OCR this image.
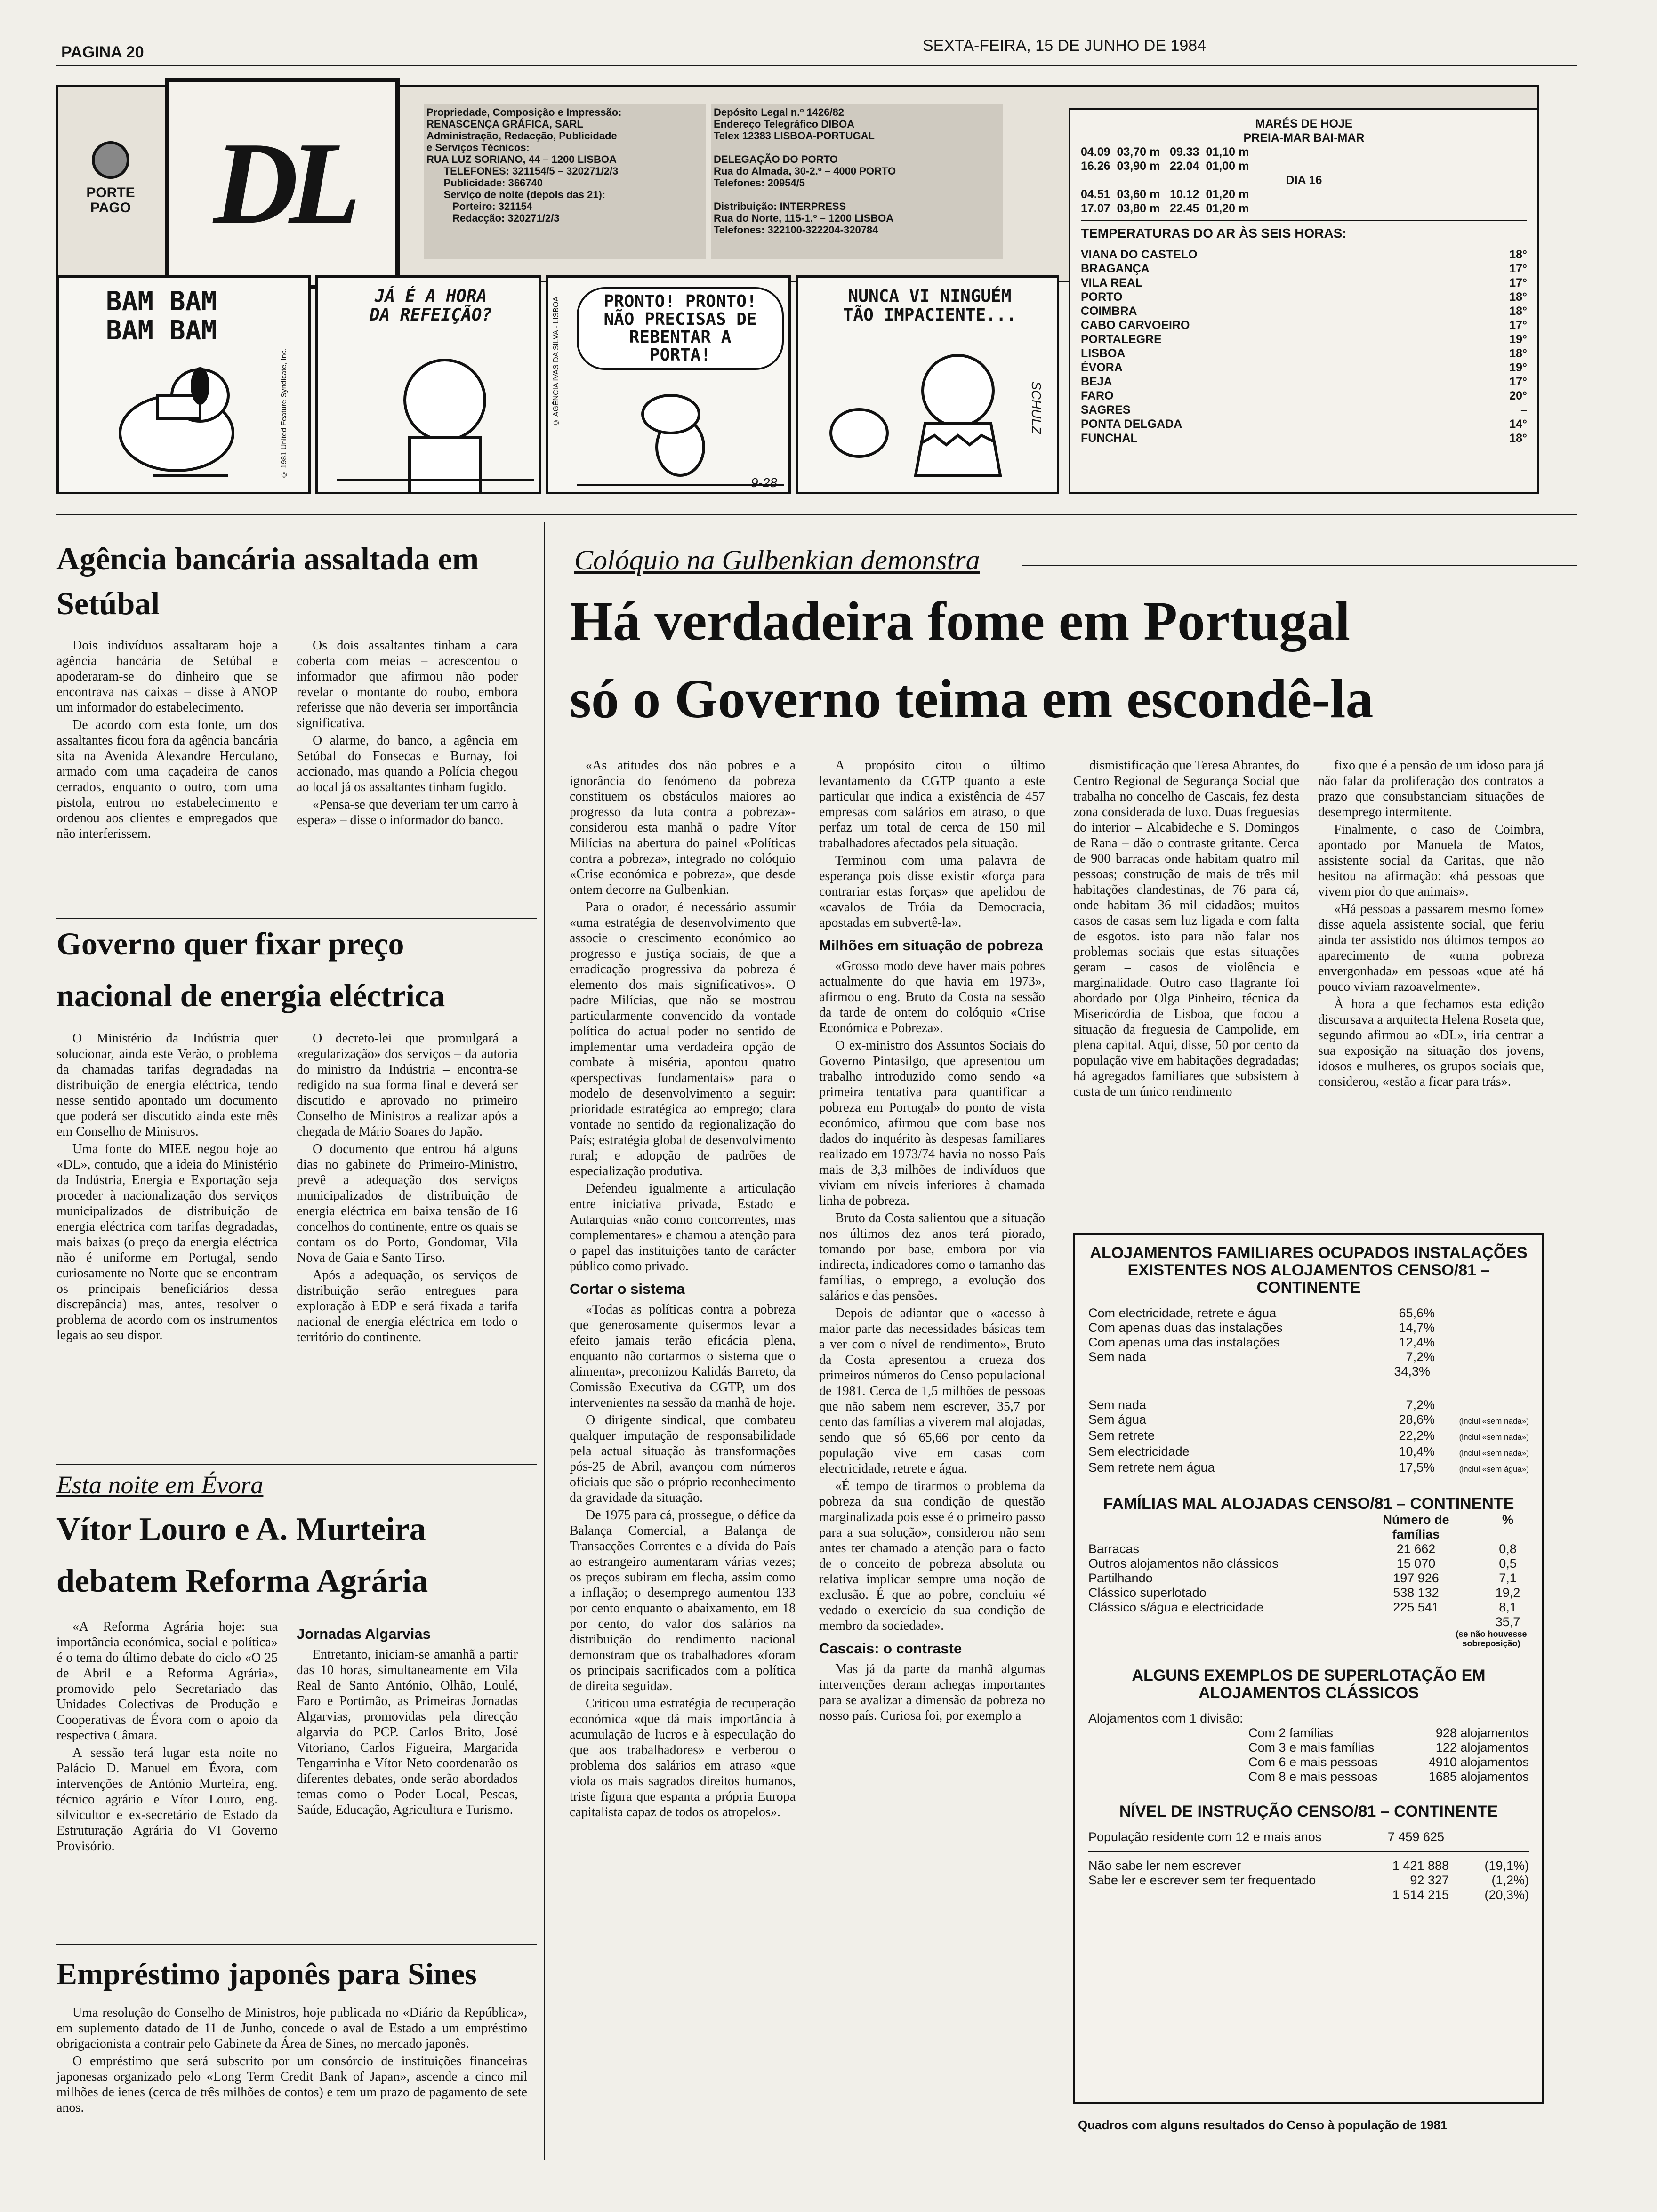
PAGINA 20	SEXTA-FEIRA, 15 DE JUNHO DE 1984
PORTE
PAGO DL
Propriedade, Composição e Impressão:
RENASCENÇA GRÁFICA, SARL
Administração, Redacção, Publicidade
e Serviços Técnicos:
RUA LUZ SORIANO, 44 – 1200 LISBOA
TELEFONES: 321154/5 – 320271/2/3
Publicidade: 366740
Serviço de noite (depois das 21):
Porteiro: 321154
Redacção: 320271/2/3
Depósito Legal n.º 1426/82
Endereço Telegráfico DIBOA
Telex 12383 LISBOA-PORTUGAL

DELEGAÇÃO DO PORTO
Rua do Almada, 30-2.º – 4000 PORTO
Telefones: 20954/5

Distribuição: INTERPRESS
Rua do Norte, 115-1.º – 1200 LISBOA
Telefones: 322100-322204-320784
MARÉS DE HOJE
PREIA-MAR BAI-MAR
04.09  03,70 m   09.33  01,10 m
16.26  03,90 m   22.04  01,00 m
DIA 16
04.51  03,60 m   10.12  01,20 m
17.07  03,80 m   22.45  01,20 m
TEMPERATURAS DO AR ÀS SEIS HORAS:
VIANA DO CASTELO	18°
BRAGANÇA	17°
VILA REAL	17°
PORTO	18°
COIMBRA	18°
CABO CARVOEIRO	17°
PORTALEGRE	19°
LISBOA	18°
ÉVORA	19°
BEJA	17°
FARO	20°
SAGRES	–
PONTA DELGADA	14°
FUNCHAL	18°
BAM BAM
BAM BAM
© 1981 United Feature Syndicate, Inc.
JÁ É A HORA
DA REFEIÇÃO?	© AGÊNCIA IVAS DA SILVA - LISBOA	PRONTO! PRONTO!
NÃO PRECISAS DE
REBENTAR A
PORTA!
9-28
NUNCA VI NINGUÉM
TÃO IMPACIENTE...
SCHULZ
Agência bancária assaltada em Setúbal

Dois indivíduos assaltaram hoje a agência bancária de Setúbal e apoderaram-se do dinheiro que se encontrava nas caixas – disse à ANOP um informador do estabelecimento.

De acordo com esta fonte, um dos assaltantes ficou fora da agência bancária sita na Avenida Alexandre Herculano, armado com uma caçadeira de canos cerrados, enquanto o outro, com uma pistola, entrou no estabelecimento e ordenou aos clientes e empregados que não interferissem.

Os dois assaltantes tinham a cara coberta com meias – acrescentou o informador que afirmou não poder revelar o montante do roubo, embora referisse que não deveria ser importância significativa.

O alarme, do banco, a agência em Setúbal do Fonsecas e Burnay, foi accionado, mas quando a Polícia chegou ao local já os assaltantes tinham fugido.

«Pensa-se que deveriam ter um carro à espera» – disse o informador do banco.

Governo quer fixar preço
nacional de energia eléctrica

O Ministério da Indústria quer solucionar, ainda este Verão, o problema da chamadas tarifas degradadas na distribuição de energia eléctrica, tendo nesse sentido apontado um documento que poderá ser discutido ainda este mês em Conselho de Ministros.

Uma fonte do MIEE negou hoje ao «DL», contudo, que a ideia do Ministério da Indústria, Energia e Exportação seja proceder à nacionalização dos serviços municipalizados de distribuição de energia eléctrica com tarifas degradadas, mais baixas (o preço da energia eléctrica não é uniforme em Portugal, sendo curiosamente no Norte que se encontram os principais beneficiários dessa discrepância) mas, antes, resolver o problema de acordo com os instrumentos legais ao seu dispor.

O decreto-lei que promulgará a «regularização» dos serviços – da autoria do ministro da Indústria – encontra-se redigido na sua forma final e deverá ser discutido e aprovado no primeiro Conselho de Ministros a realizar após a chegada de Mário Soares do Japão.

O documento que entrou há alguns dias no gabinete do Primeiro-Ministro, prevê a adequação dos serviços municipalizados de distribuição de energia eléctrica em baixa tensão de 16 concelhos do continente, entre os quais se contam os do Porto, Gondomar, Vila Nova de Gaia e Santo Tirso.

Após a adequação, os serviços de distribuição serão entregues para exploração à EDP e será fixada a tarifa nacional de energia eléctrica em todo o território do continente.

Esta noite em Évora
Vítor Louro e A. Murteira
debatem Reforma Agrária

«A Reforma Agrária hoje: sua importância económica, social e política» é o tema do último debate do ciclo «O 25 de Abril e a Reforma Agrária», promovido pelo Secretariado das Unidades Colectivas de Produção e Cooperativas de Évora com o apoio da respectiva Câmara.

A sessão terá lugar esta noite no Palácio D. Manuel em Évora, com intervenções de António Murteira, eng. técnico agrário e Vítor Louro, eng. silvicultor e ex-secretário de Estado da Estruturação Agrária do VI Governo Provisório.

Jornadas Algarvias

Entretanto, iniciam-se amanhã a partir das 10 horas, simultaneamente em Vila Real de Santo António, Olhão, Loulé, Faro e Portimão, as Primeiras Jornadas Algarvias, promovidas pela direcção algarvia do PCP. Carlos Brito, José Vitoriano, Carlos Figueira, Margarida Tengarrinha e Vítor Neto coordenarão os diferentes debates, onde serão abordados temas como o Poder Local, Pescas, Saúde, Educação, Agricultura e Turismo.

Empréstimo japonês para Sines

Uma resolução do Conselho de Ministros, hoje publicada no «Diário da República», em suplemento datado de 11 de Junho, concede o aval de Estado a um empréstimo obrigacionista a contrair pelo Gabinete da Área de Sines, no mercado japonês.

O empréstimo que será subscrito por um consórcio de instituições financeiras japonesas organizado pelo «Long Term Credit Bank of Japan», ascende a cinco mil milhões de ienes (cerca de três milhões de contos) e tem um prazo de pagamento de sete anos.

Colóquio na Gulbenkian demonstra
Há verdadeira fome em Portugal
só o Governo teima em escondê-la

«As atitudes dos não pobres e a ignorância do fenómeno da pobreza constituem os obstáculos maiores ao progresso da luta contra a pobreza»-considerou esta manhã o padre Vítor Milícias na abertura do painel «Políticas contra a pobreza», integrado no colóquio «Crise económica e pobreza», que desde ontem decorre na Gulbenkian.

Para o orador, é necessário assumir «uma estratégia de desenvolvimento que associe o crescimento económico ao progresso e justiça sociais, de que a erradicação progressiva da pobreza é elemento dos mais significativos». O padre Milícias, que não se mostrou particularmente convencido da vontade política do actual poder no sentido de implementar uma verdadeira opção de combate à miséria, apontou quatro «perspectivas fundamentais» para o modelo de desenvolvimento a seguir: prioridade estratégica ao emprego; clara vontade no sentido da regionalização do País; estratégia global de desenvolvimento rural; e adopção de padrões de especialização produtiva.

Defendeu igualmente a articulação entre iniciativa privada, Estado e Autarquias «não como concorrentes, mas complementares» e chamou a atenção para o papel das instituições tanto de carácter público como privado.

Cortar o sistema

«Todas as políticas contra a pobreza que generosamente quisermos levar a efeito jamais terão eficácia plena, enquanto não cortarmos o sistema que o alimenta», preconizou Kalidás Barreto, da Comissão Executiva da CGTP, um dos intervenientes na sessão da manhã de hoje.

O dirigente sindical, que combateu qualquer imputação de responsabilidade pela actual situação às transformações pós-25 de Abril, avançou com números oficiais que são o próprio reconhecimento da gravidade da situação.

De 1975 para cá, prossegue, o défice da Balança Comercial, a Balança de Transacções Correntes e a dívida do País ao estrangeiro aumentaram várias vezes; os preços subiram em flecha, assim como a inflação; o desemprego aumentou 133 por cento enquanto o abaixamento, em 18 por cento, do valor dos salários na distribuição do rendimento nacional demonstram que os trabalhadores «foram os principais sacrificados com a política de direita seguida».

Criticou uma estratégia de recuperação económica «que dá mais importância à acumulação de lucros e à especulação do que aos trabalhadores» e verberou o problema dos salários em atraso «que viola os mais sagrados direitos humanos, triste figura que espanta a própria Europa capitalista capaz de todos os atropelos».

A propósito citou o último levantamento da CGTP quanto a este particular que indica a existência de 457 empresas com salários em atraso, o que perfaz um total de cerca de 150 mil trabalhadores afectados pela situação.

Terminou com uma palavra de esperança pois disse existir «força para contrariar estas forças» que apelidou de «cavalos de Tróia da Democracia, apostadas em subvertê-la».

Milhões em situação de pobreza

«Grosso modo deve haver mais pobres actualmente do que havia em 1973», afirmou o eng. Bruto da Costa na sessão da tarde de ontem do colóquio «Crise Económica e Pobreza».

O ex-ministro dos Assuntos Sociais do Governo Pintasilgo, que apresentou um trabalho introduzido como sendo «a primeira tentativa para quantificar a pobreza em Portugal» do ponto de vista económico, afirmou que com base nos dados do inquérito às despesas familiares realizado em 1973/74 havia no nosso País mais de 3,3 milhões de indivíduos que viviam em níveis inferiores à chamada linha de pobreza.

Bruto da Costa salientou que a situação nos últimos dez anos terá piorado, tomando por base, embora por via indirecta, indicadores como o tamanho das famílias, o emprego, a evolução dos salários e das pensões.

Depois de adiantar que o «acesso à maior parte das necessidades básicas tem a ver com o nível de rendimento», Bruto da Costa apresentou a crueza dos primeiros números do Censo populacional de 1981. Cerca de 1,5 milhões de pessoas que não sabem nem escrever, 35,7 por cento das famílias a viverem mal alojadas, sendo que só 65,66 por cento da população vive em casas com electricidade, retrete e água.

«É tempo de tirarmos o problema da pobreza da sua condição de questão marginalizada pois esse é o primeiro passo para a sua solução», considerou não sem antes ter chamado a atenção para o facto de o conceito de pobreza absoluta ou relativa implicar sempre uma noção de exclusão. É que ao pobre, concluiu «é vedado o exercício da sua condição de membro da sociedade».

Cascais: o contraste

Mas já da parte da manhã algumas intervenções deram achegas importantes para se avalizar a dimensão da pobreza no nosso país. Curiosa foi, por exemplo a

dismistificação que Teresa Abrantes, do Centro Regional de Segurança Social que trabalha no concelho de Cascais, fez desta zona considerada de luxo. Duas freguesias do interior – Alcabideche e S. Domingos de Rana – dão o contraste gritante. Cerca de 900 barracas onde habitam quatro mil pessoas; construção de mais de três mil habitações clandestinas, de 76 para cá, onde habitam 36 mil cidadãos; muitos casos de casas sem luz ligada e com falta de esgotos. isto para não falar nos problemas sociais que estas situações geram – casos de violência e marginalidade. Outro caso flagrante foi abordado por Olga Pinheiro, técnica da Misericórdia de Lisboa, que focou a situação da freguesia de Campolide, em plena capital. Aqui, disse, 50 por cento da população vive em habitações degradadas; há agregados familiares que subsistem à custa de um único rendimento

fixo que é a pensão de um idoso para já não falar da proliferação dos contratos a prazo que consubstanciam situações de desemprego intermitente.

Finalmente, o caso de Coimbra, apontado por Manuela de Matos, assistente social da Caritas, que não hesitou na afirmação: «há pessoas que vivem pior do que animais».

«Há pessoas a passarem mesmo fome» disse aquela assistente social, que feriu ainda ter assistido nos últimos tempos ao aparecimento de «uma pobreza envergonhada» em pessoas «que até há pouco viviam razoavelmente».

À hora a que fechamos esta edição discursava a arquitecta Helena Roseta que, segundo afirmou ao «DL», iria centrar a sua exposição na situação dos jovens, idosos e mulheres, os grupos sociais que, considerou, «estão a ficar para trás».

ALOJAMENTOS FAMILIARES OCUPADOS INSTALAÇÕES EXISTENTES NOS ALOJAMENTOS CENSO/81 – CONTINENTE
Com electricidade, retrete e água	65,6%
Com apenas duas das instalações	14,7%
Com apenas uma das instalações	12,4%
Sem nada	7,2%
34,3%
Sem nada	7,2%
Sem água	28,6%	(inclui «sem nada»)
Sem retrete	22,2%	(inclui «sem nada»)
Sem electricidade	10,4%	(inclui «sem nada»)
Sem retrete nem água	17,5%	(inclui «sem água»)
FAMÍLIAS MAL ALOJADAS CENSO/81 – CONTINENTE
Número de famílias
%
Barracas	21 662	0,8
Outros alojamentos não clássicos	15 070	0,5
Partilhando	197 926	7,1
Clássico superlotado	538 132	19,2
Clássico s/água e electricidade	225 541	8,1
35,7
(se não houvesse sobreposição)
ALGUNS EXEMPLOS DE SUPERLOTAÇÃO EM ALOJAMENTOS CLÁSSICOS
Alojamentos com 1 divisão:
Com 2 famílias	928 alojamentos
Com 3 e mais famílias	122 alojamentos
Com 6 e mais pessoas	4910 alojamentos
Com 8 e mais pessoas	1685 alojamentos
NÍVEL DE INSTRUÇÃO CENSO/81 – CONTINENTE
População residente com 12 e mais anos	7 459 625
Não sabe ler nem escrever	1 421 888	(19,1%)
Sabe ler e escrever sem ter frequentado	92 327	(1,2%)
1 514 215	(20,3%)
Quadros com alguns resultados do Censo à população de 1981
